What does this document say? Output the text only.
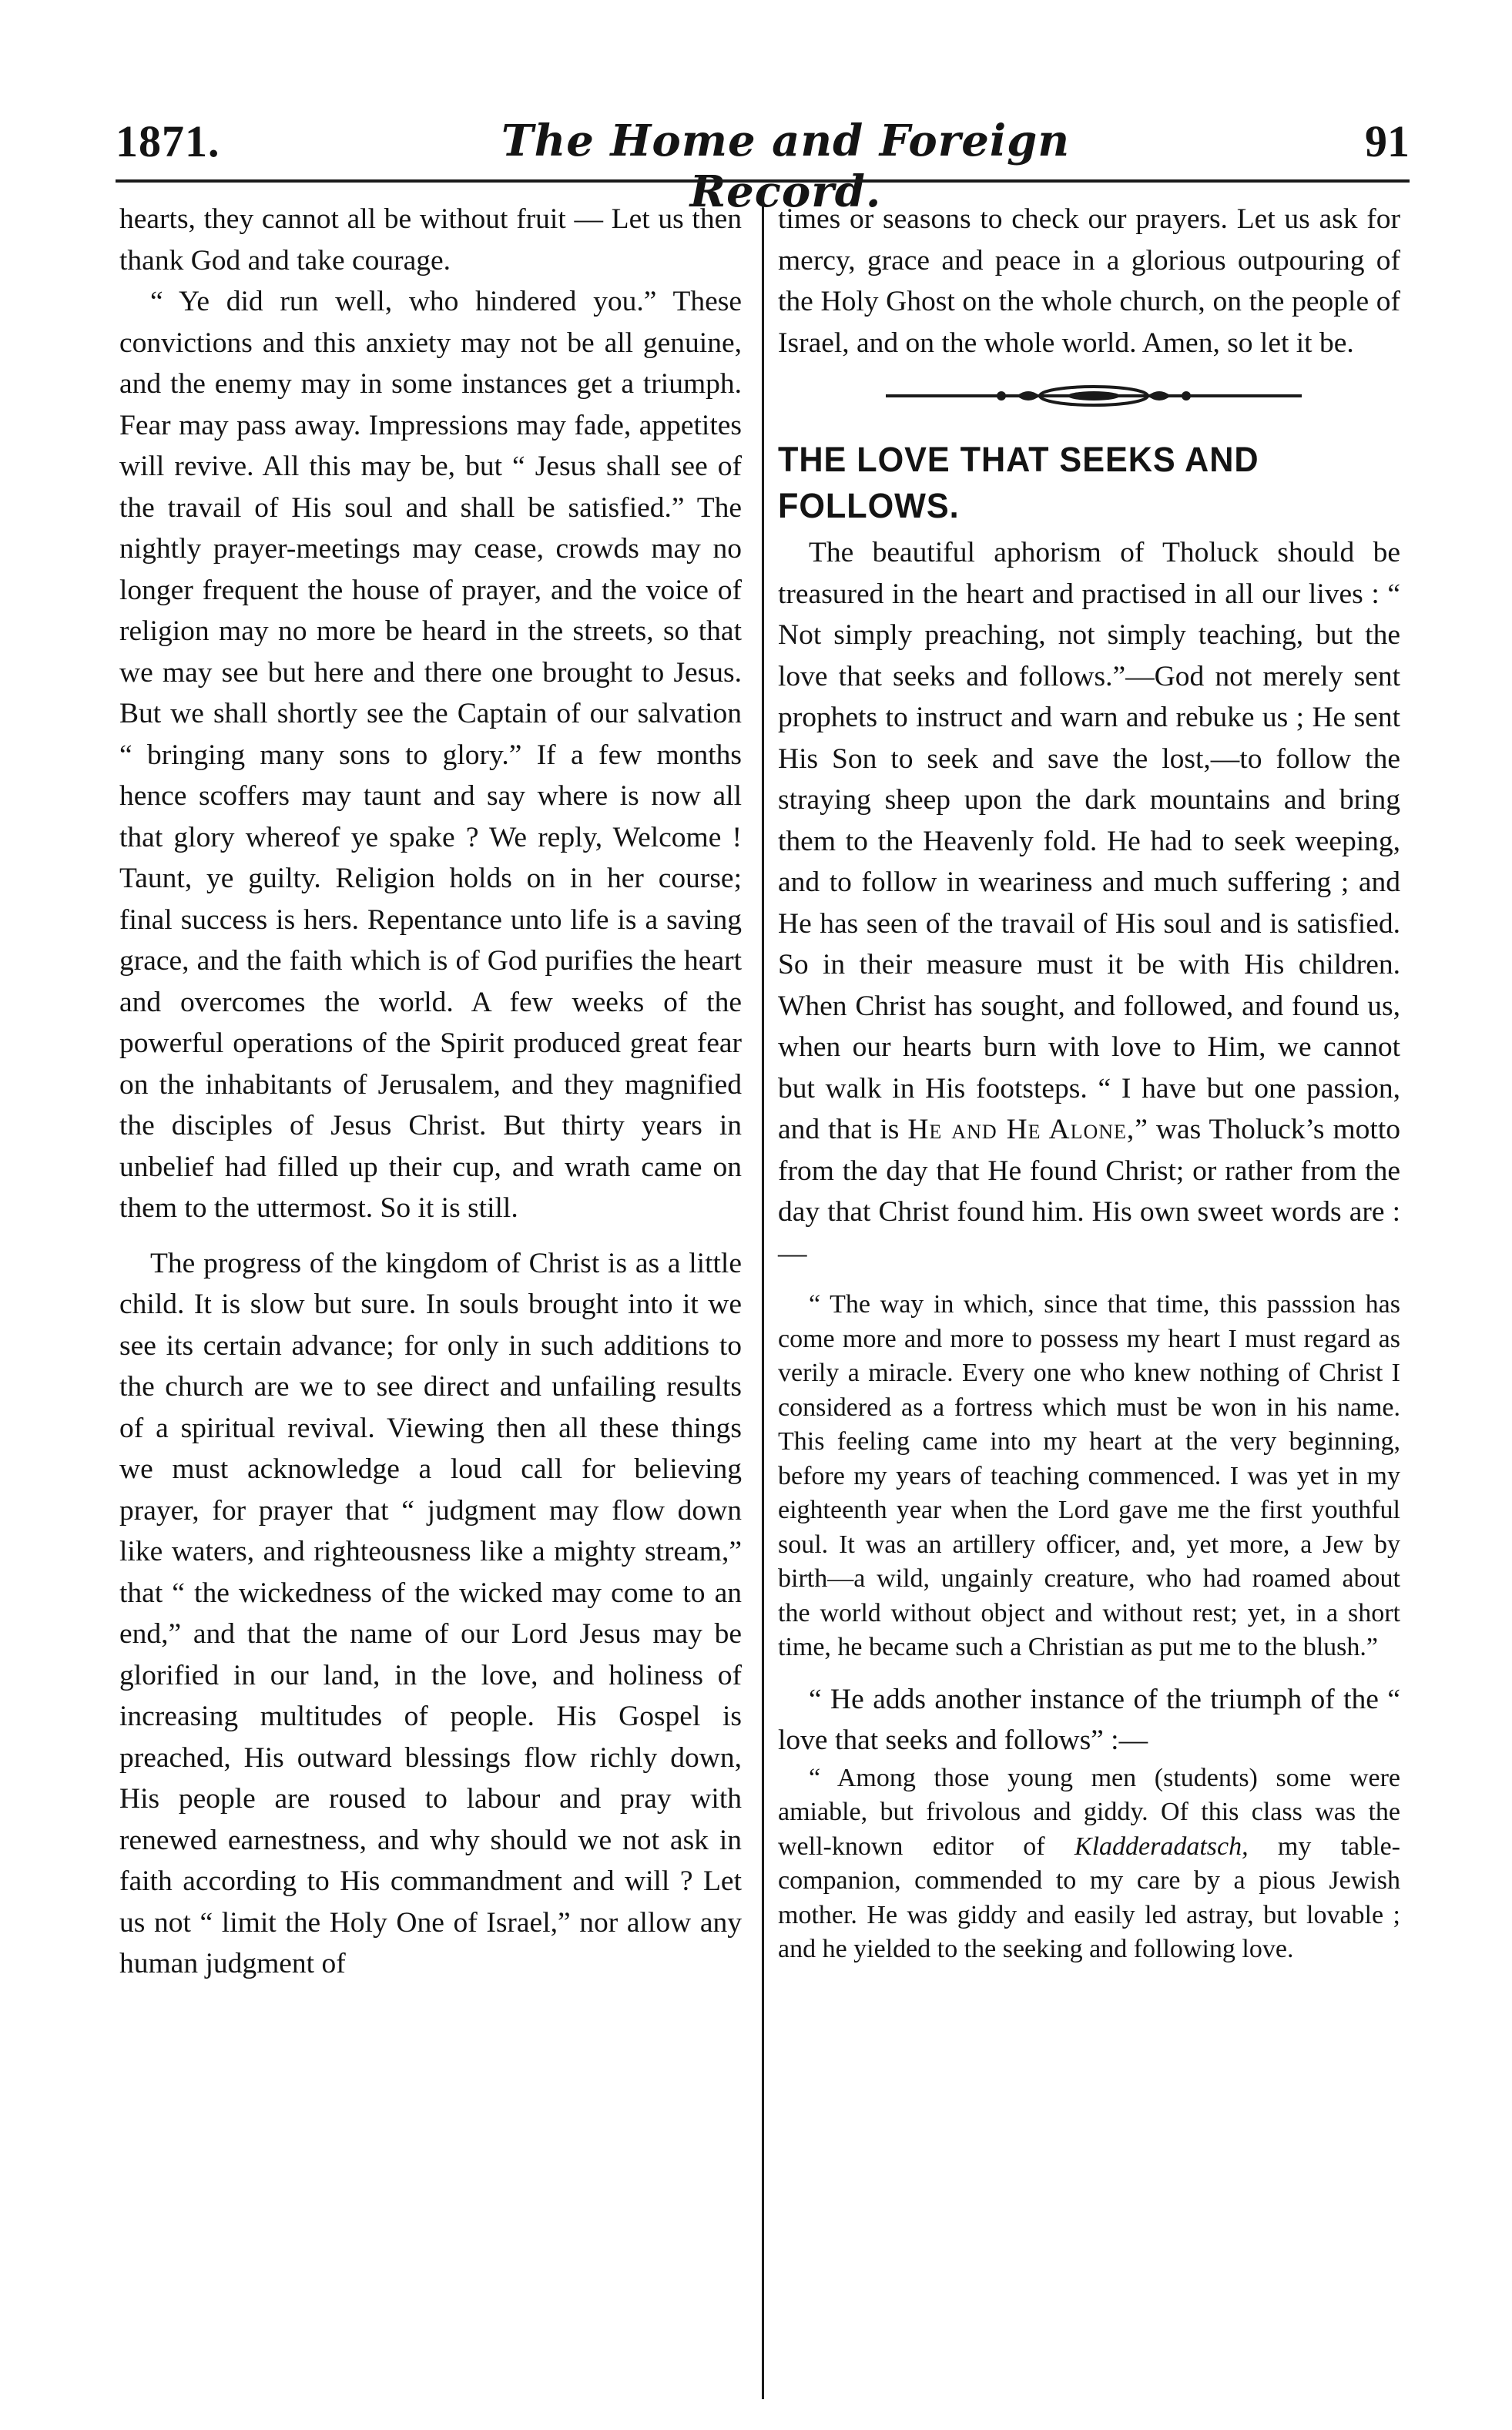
1871.	The Home and Foreign Record.
91

hearts, they cannot all be without fruit — Let us then thank God and take courage.

“ Ye did run well, who hindered you.” These convictions and this anxiety may not be all genuine, and the enemy may in some instances get a triumph. Fear may pass away. Impressions may fade, appetites will revive. All this may be, but “ Jesus shall see of the travail of His soul and shall be satisfied.” The nightly prayer-meetings may cease, crowds may no longer frequent the house of prayer, and the voice of religion may no more be heard in the streets, so that we may see but here and there one brought to Jesus. But we shall shortly see the Captain of our salvation “ bringing many sons to glory.” If a few months hence scoffers may taunt and say where is now all that glory whereof ye spake ? We reply, Welcome ! Taunt, ye guilty. Religion holds on in her course; final success is hers. Repentance unto life is a saving grace, and the faith which is of God purifies the heart and overcomes the world. A few weeks of the powerful operations of the Spirit produced great fear on the inhabitants of Jerusalem, and they magnified the disciples of Jesus Christ. But thirty years in unbelief had filled up their cup, and wrath came on them to the uttermost. So it is still.

The progress of the kingdom of Christ is as a little child. It is slow but sure. In souls brought into it we see its certain advance; for only in such additions to the church are we to see direct and unfailing results of a spiritual revival. Viewing then all these things we must acknowledge a loud call for believing prayer, for prayer that “ judgment may flow down like waters, and righteousness like a mighty stream,” that “ the wickedness of the wicked may come to an end,” and that the name of our Lord Jesus may be glorified in our land, in the love, and holiness of increasing multitudes of people. His Gospel is preached, His outward blessings flow richly down, His people are roused to labour and pray with renewed earnestness, and why should we not ask in faith according to His commandment and will ? Let us not “ limit the Holy One of Israel,” nor allow any human judgment of

times or seasons to check our prayers. Let us ask for mercy, grace and peace in a glorious outpouring of the Holy Ghost on the whole church, on the people of Israel, and on the whole world. Amen, so let it be.

THE LOVE THAT SEEKS AND FOLLOWS.

The beautiful aphorism of Tholuck should be treasured in the heart and practised in all our lives : “ Not simply preaching, not simply teaching, but the love that seeks and follows.”—God not merely sent prophets to instruct and warn and rebuke us ; He sent His Son to seek and save the lost,—to follow the straying sheep upon the dark mountains and bring them to the Heavenly fold. He had to seek weeping, and to follow in weariness and much suffering ; and He has seen of the travail of His soul and is satisfied. So in their measure must it be with His children. When Christ has sought, and followed, and found us, when our hearts burn with love to Him, we cannot but walk in His footsteps. “ I have but one passion, and that is He and He Alone,” was Tholuck’s motto from the day that He found Christ; or rather from the day that Christ found him. His own sweet words are :—

“ The way in which, since that time, this passsion has come more and more to possess my heart I must regard as verily a miracle. Every one who knew nothing of Christ I considered as a fortress which must be won in his name. This feeling came into my heart at the very beginning, before my years of teaching commenced. I was yet in my eighteenth year when the Lord gave me the first youthful soul. It was an artillery officer, and, yet more, a Jew by birth—a wild, ungainly creature, who had roamed about the world without object and without rest; yet, in a short time, he became such a Christian as put me to the blush.”

“ He adds another instance of the triumph of the “ love that seeks and follows” :—

“ Among those young men (students) some were amiable, but frivolous and giddy. Of this class was the well-known editor of Kladderadatsch, my table-companion, commended to my care by a pious Jewish mother. He was giddy and easily led astray, but lovable ; and he yielded to the seeking and following love.
